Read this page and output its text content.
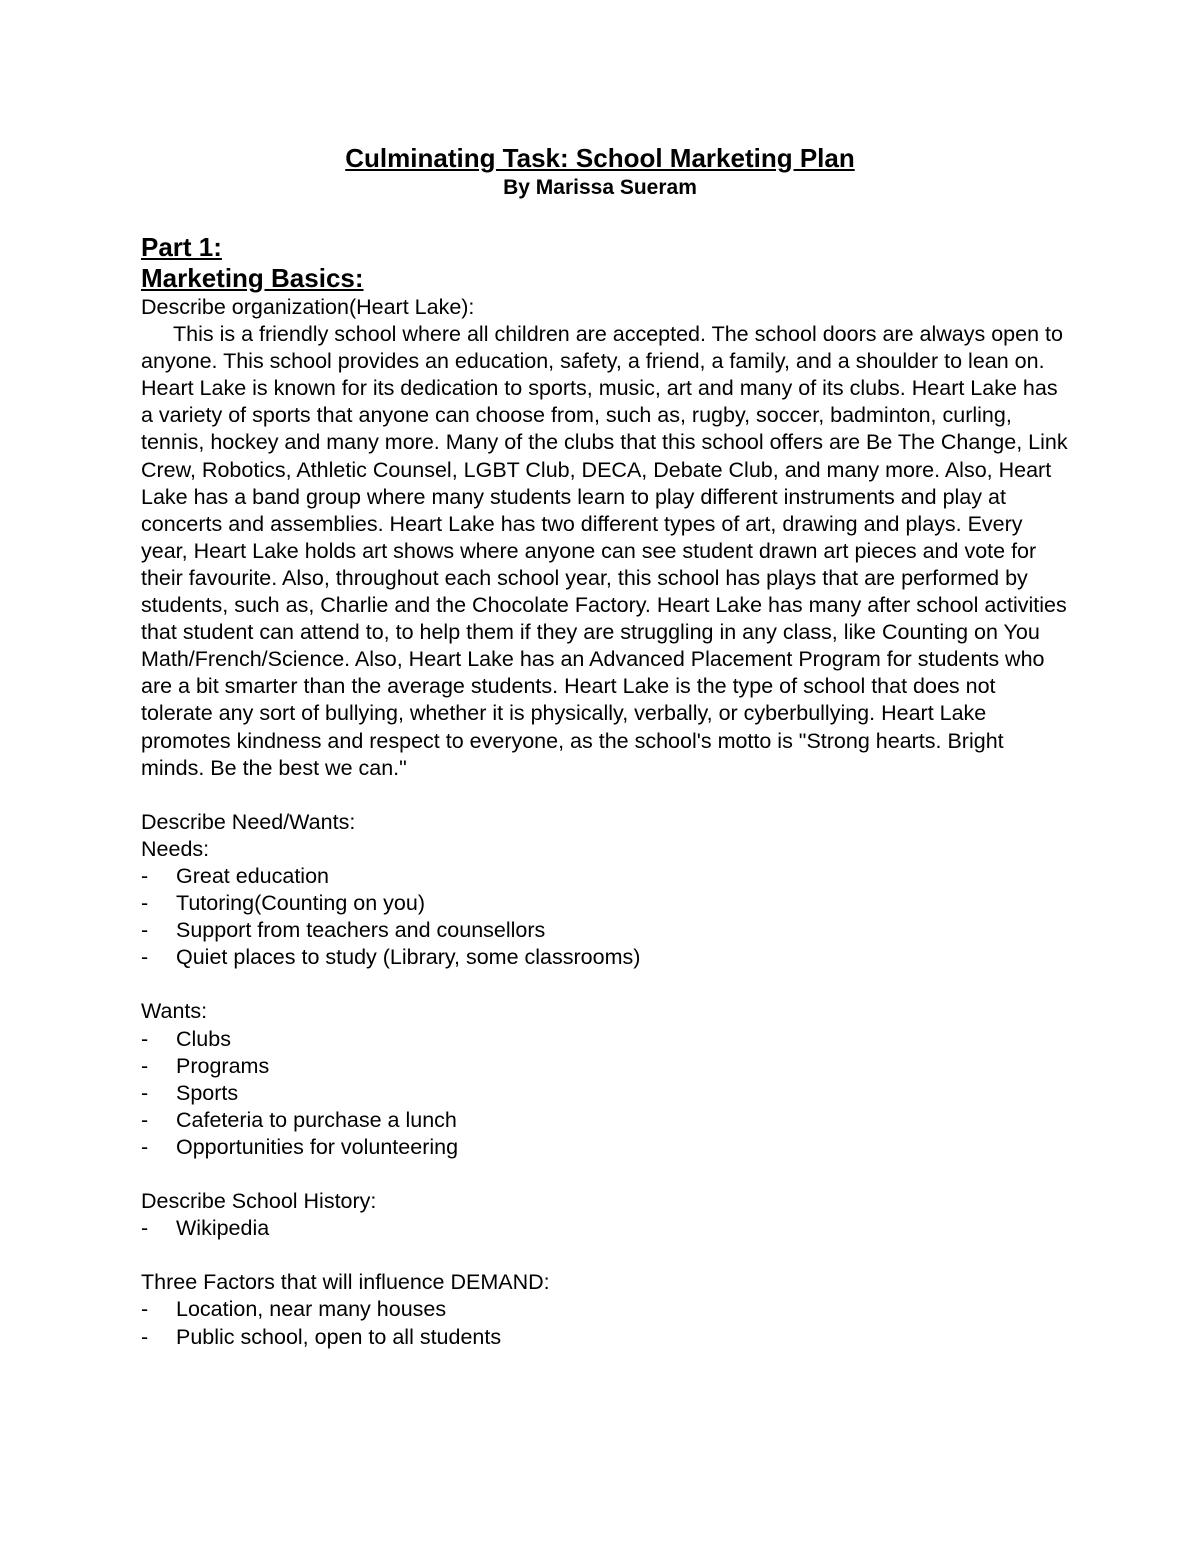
Culminating Task: School Marketing Plan
By Marissa Sueram
Part 1:
Marketing Basics:
Describe organization(Heart Lake):

This is a friendly school where all children are accepted. The school doors are always open to anyone. This school provides an education, safety, a friend, a family, and a shoulder to lean on. Heart Lake is known for its dedication to sports, music, art and many of its clubs. Heart Lake has a variety of sports that anyone can choose from, such as, rugby, soccer, badminton, curling, tennis, hockey and many more. Many of the clubs that this school offers are Be The Change, Link Crew, Robotics, Athletic Counsel, LGBT Club, DECA, Debate Club, and many more. Also, Heart Lake has a band group where many students learn to play different instruments and play at concerts and assemblies. Heart Lake has two different types of art, drawing and plays. Every year, Heart Lake holds art shows where anyone can see student drawn art pieces and vote for their favourite. Also, throughout each school year, this school has plays that are performed by students, such as, Charlie and the Chocolate Factory. Heart Lake has many after school activities that student can attend to, to help them if they are struggling in any class, like Counting on You Math/French/Science. Also, Heart Lake has an Advanced Placement Program for students who are a bit smarter than the average students. Heart Lake is the type of school that does not tolerate any sort of bullying, whether it is physically, verbally, or cyberbullying. Heart Lake promotes kindness and respect to everyone, as the school's motto is "Strong hearts. Bright minds. Be the best we can."

Describe Need/Wants:
Needs:
- Great education
- Tutoring(Counting on you)
- Support from teachers and counsellors
- Quiet places to study (Library, some classrooms)
Wants:
- Clubs
- Programs
- Sports
- Cafeteria to purchase a lunch
- Opportunities for volunteering
Describe School History:
- Wikipedia
Three Factors that will influence DEMAND:
- Location, near many houses
- Public school, open to all students
